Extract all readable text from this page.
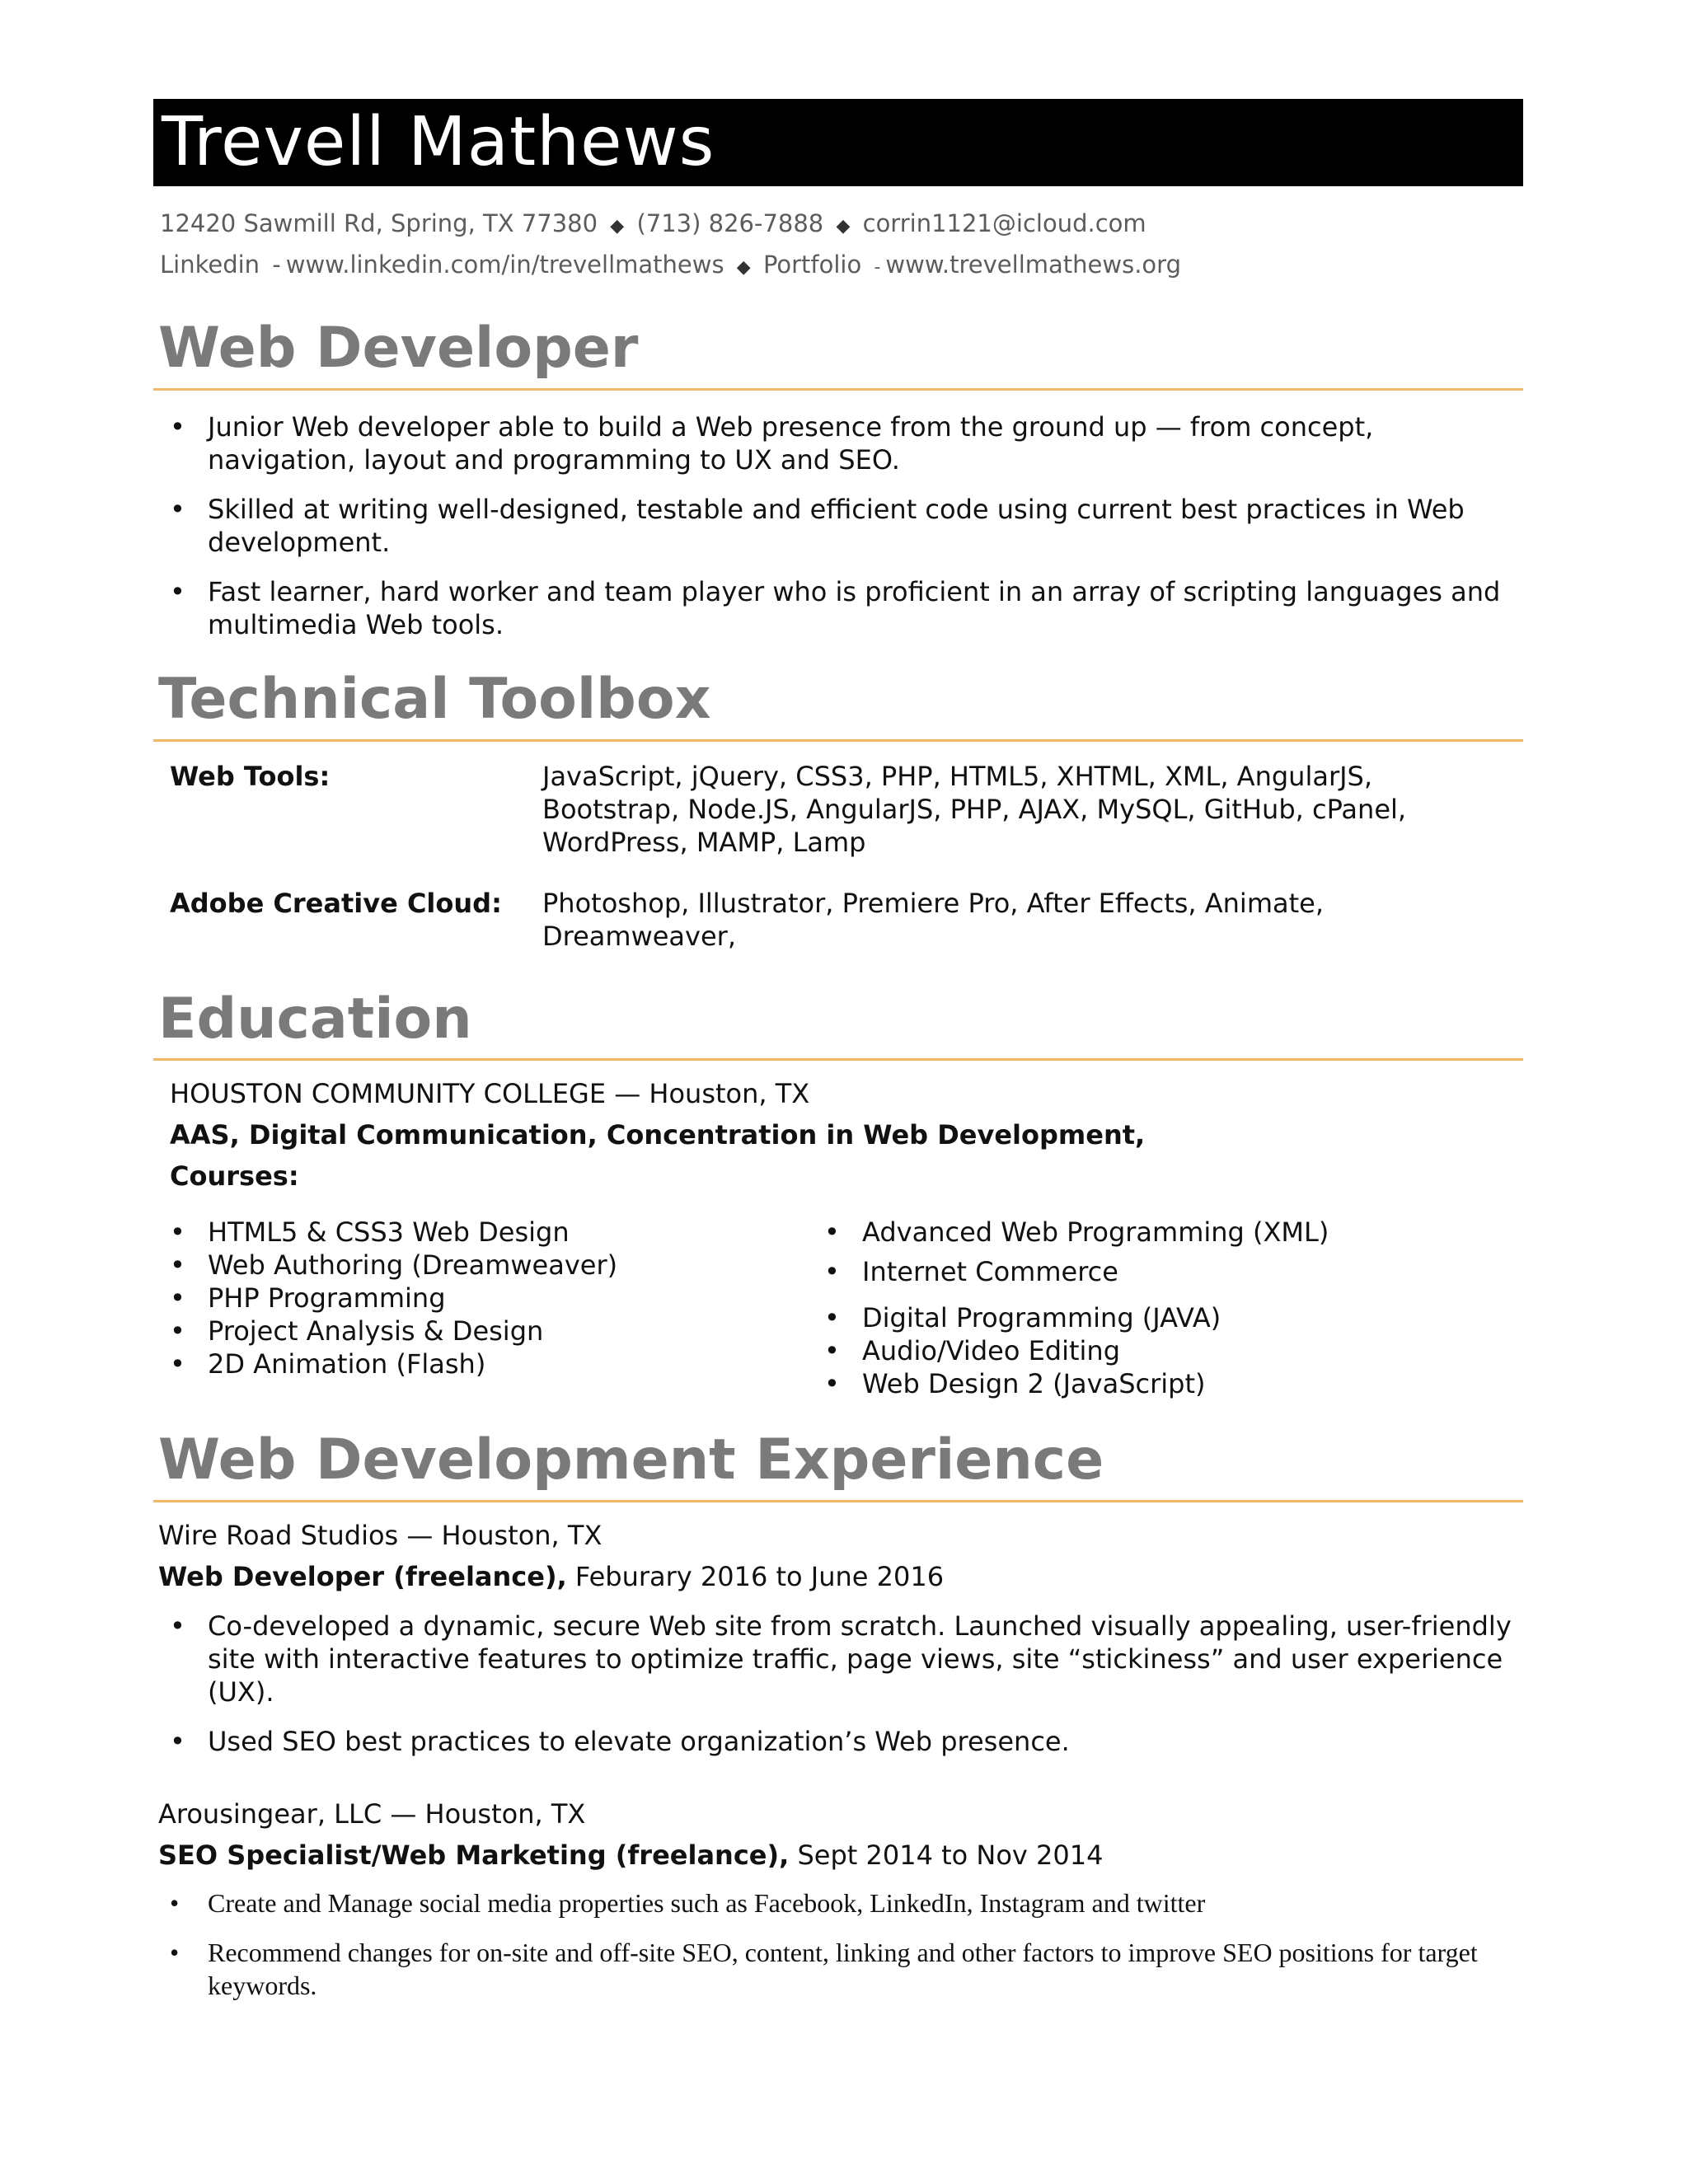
Trevell Mathews
12420 Sawmill Rd, Spring, TX 77380 ◆ (713) 826-7888 ◆ corrin1121@icloud.com
Linkedin - www.linkedin.com/in/trevellmathews ◆ Portfolio - www.trevellmathews.org
Web Developer
• Junior Web developer able to build a Web presence from the ground up — from concept, navigation, layout and programming to UX and SEO.
• Skilled at writing well-designed, testable and efficient code using current best practices in Web development.
• Fast learner, hard worker and team player who is proficient in an array of scripting languages and multimedia Web tools.
Technical Toolbox
Web Tools:	JavaScript, jQuery, CSS3, PHP, HTML5, XHTML, XML, AngularJS, Bootstrap, Node.JS, AngularJS, PHP, AJAX, MySQL, GitHub, cPanel, WordPress, MAMP, Lamp
Adobe Creative Cloud:	Photoshop, Illustrator, Premiere Pro, After Effects, Animate, Dreamweaver,
Education
HOUSTON COMMUNITY COLLEGE — Houston, TX
AAS, Digital Communication, Concentration in Web Development,
Courses:
• HTML5 & CSS3 Web Design
• Web Authoring (Dreamweaver)
• PHP Programming
• Project Analysis & Design
• 2D Animation (Flash)
• Advanced Web Programming (XML)
• Internet Commerce
• Digital Programming (JAVA)
• Audio/Video Editing
• Web Design 2 (JavaScript)
Web Development Experience
Wire Road Studios — Houston, TX
Web Developer (freelance), Feburary 2016 to June 2016
• Co-developed a dynamic, secure Web site from scratch. Launched visually appealing, user-friendly site with interactive features to optimize traffic, page views, site “stickiness” and user experience (UX).
• Used SEO best practices to elevate organization’s Web presence.
Arousingear, LLC — Houston, TX
SEO Specialist/Web Marketing (freelance), Sept 2014 to Nov 2014
• Create and Manage social media properties such as Facebook, LinkedIn, Instagram and twitter
• Recommend changes for on-site and off-site SEO, content, linking and other factors to improve SEO positions for target keywords.
